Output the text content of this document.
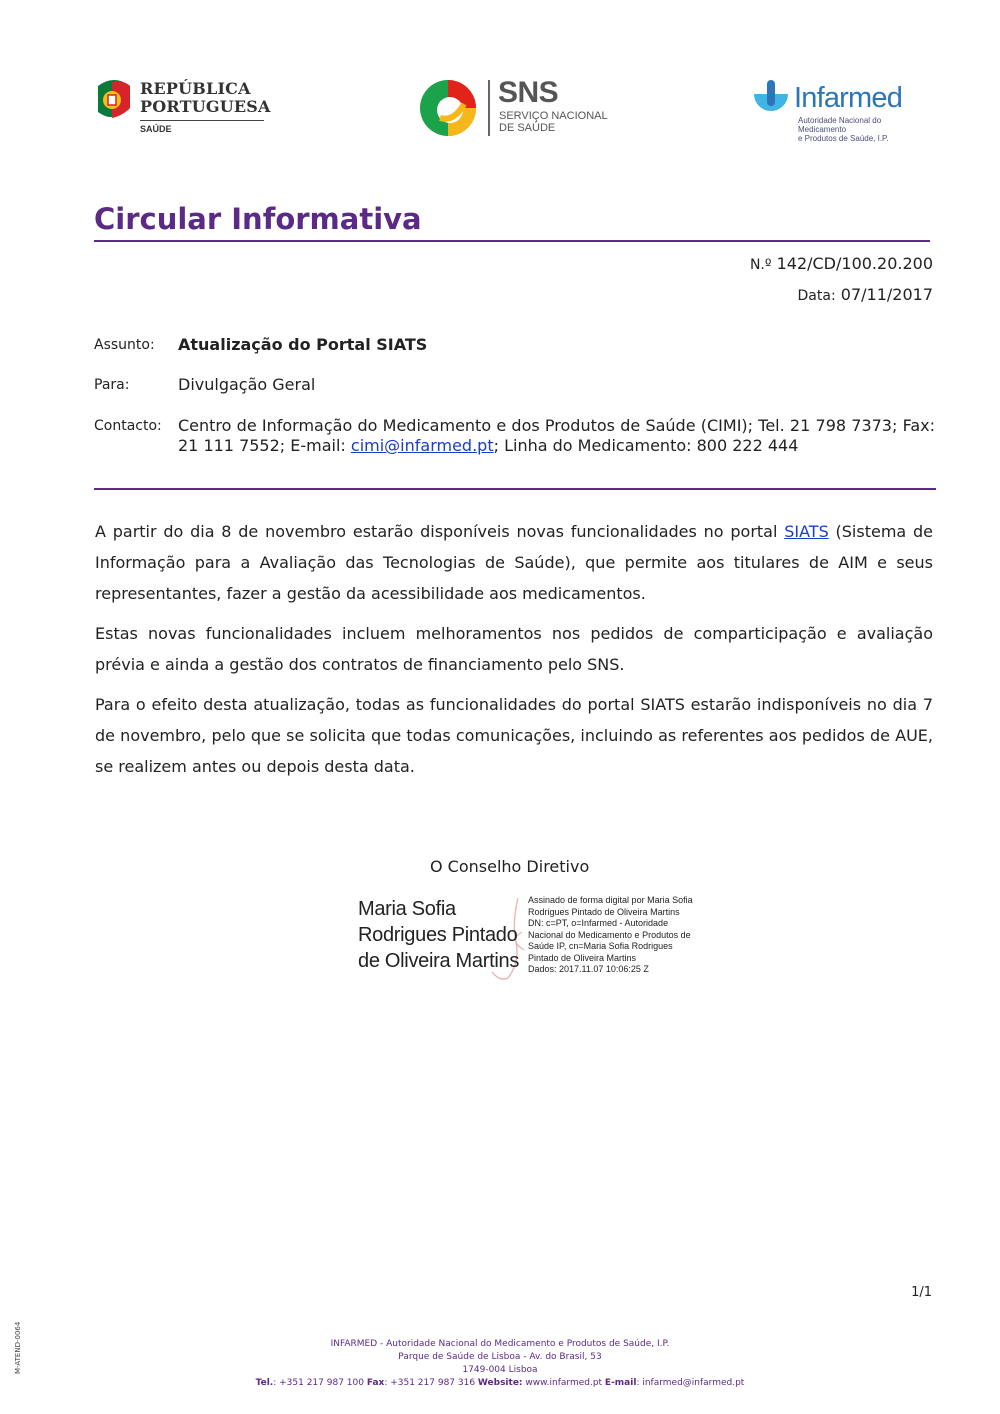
REPÚBLICA
PORTUGUESA
SAÚDE
SNS
SERVIÇO NACIONAL
DE SAÚDE
Infarmed
Autoridade Nacional do Medicamento
e Produtos de Saúde, I.P.
Circular Informativa
N.º 142/CD/100.20.200
Data: 07/11/2017
Assunto: Atualização do Portal SIATS
Para:	Divulgação Geral
Contacto: Centro de Informação do Medicamento e dos Produtos de Saúde (CIMI); Tel. 21 798 7373; Fax: 21 111 7552; E-mail: cimi@infarmed.pt; Linha do Medicamento: 800 222 444
A partir do dia 8 de novembro estarão disponíveis novas funcionalidades no portal SIATS (Sistema de Informação para a Avaliação das Tecnologias de Saúde), que permite aos titulares de AIM e seus representantes, fazer a gestão da acessibilidade aos medicamentos.
Estas novas funcionalidades incluem melhoramentos nos pedidos de comparticipação e avaliação prévia e ainda a gestão dos contratos de financiamento pelo SNS.
Para o efeito desta atualização, todas as funcionalidades do portal SIATS estarão indisponíveis no dia 7 de novembro, pelo que se solicita que todas comunicações, incluindo as referentes aos pedidos de AUE, se realizem antes ou depois desta data.
O Conselho Diretivo
Maria Sofia
Rodrigues Pintado
de Oliveira Martins
Assinado de forma digital por Maria Sofia
Rodrigues Pintado de Oliveira Martins
DN: c=PT, o=Infarmed - Autoridade
Nacional do Medicamento e Produtos de
Saúde IP, cn=Maria Sofia Rodrigues
Pintado de Oliveira Martins
Dados: 2017.11.07 10:06:25 Z
1/1
M-ATEND-0064	INFARMED - Autoridade Nacional do Medicamento e Produtos de Saúde, I.P.
Parque de Saúde de Lisboa - Av. do Brasil, 53
1749-004 Lisboa
Tel.: +351 217 987 100 Fax: +351 217 987 316 Website: www.infarmed.pt E-mail: infarmed@infarmed.pt
